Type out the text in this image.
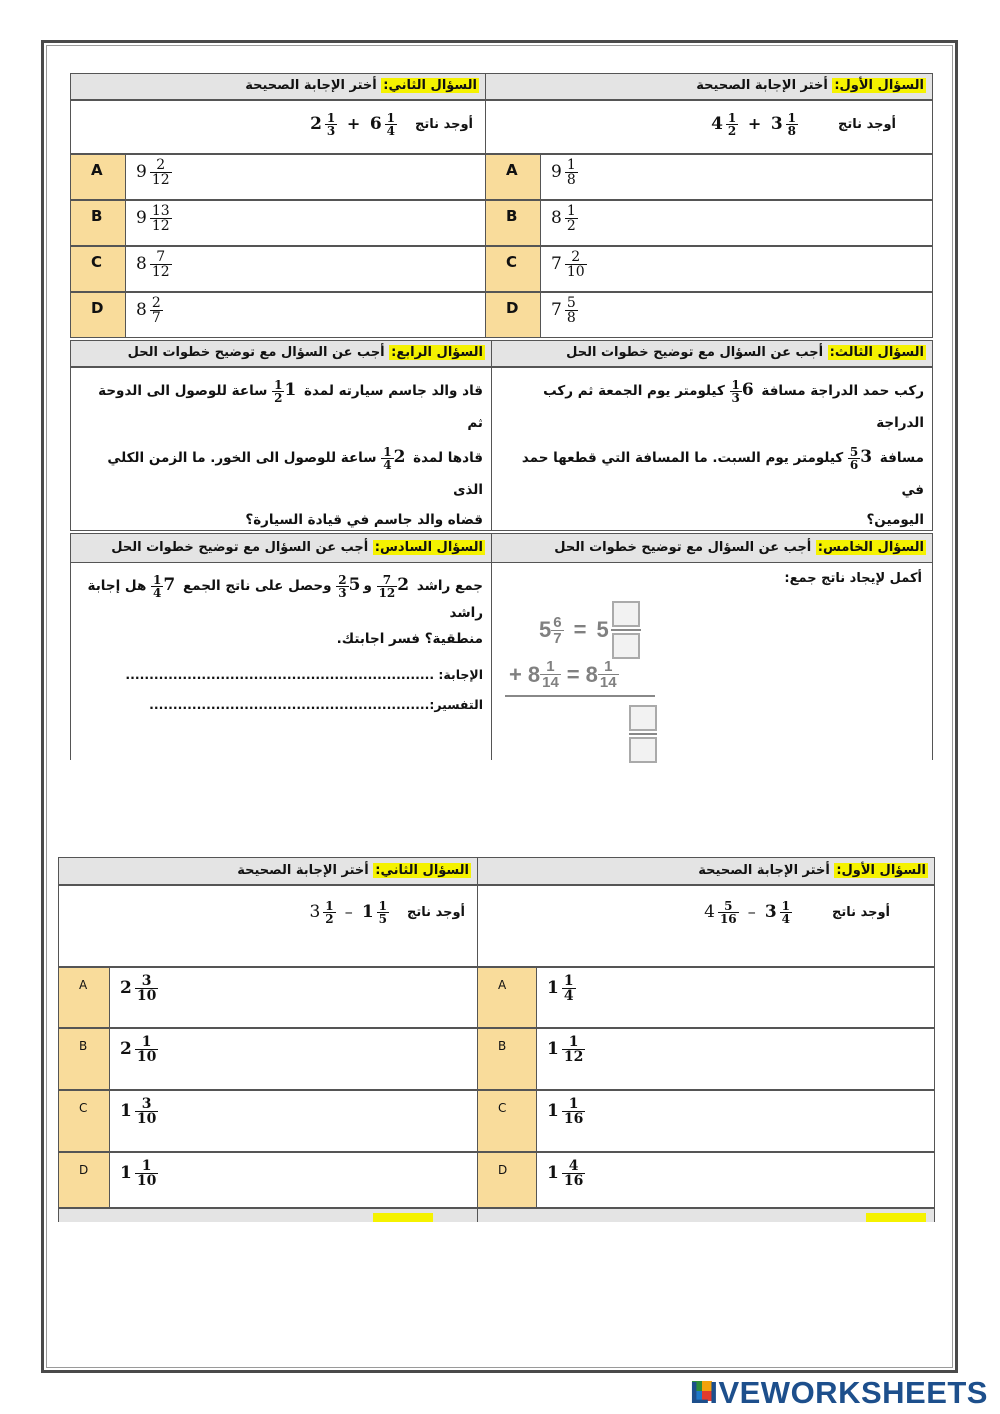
السؤال الثاني: أختر الإجابة الصحيحة	السؤال الأول: أختر الإجابة الصحيحة
$2 \frac{1}{3} + 6 \frac{1}{4}$ أوجد ناتج	$4 \frac{1}{2} + 3 \frac{1}{8}$	أوجد ناتج
A	$9 \frac{2}{12}$
B	$9 \frac{13}{12}$
C	$8 \frac{7}{12}$
D	$8 \frac{2}{7}$
A	$9 \frac{1}{8}$
B	$8 \frac{1}{2}$
C	$7 \frac{2}{10}$
D	$7 \frac{5}{8}$
السؤال الرابع: أجب عن السؤال مع توضيح خطوات الحل	السؤال الثالث: أجب عن السؤال مع توضيح خطوات الحل
قاد والد جاسم سيارته لمدة 1
$\frac{1}{2}$
ساعة للوصول الى الدوحة ثم
قادها لمدة 2
$\frac{1}{4}$
ساعة للوصول الى الخور. ما الزمن الكلي الذى
قضاه والد جاسم في قيادة السيارة؟
ركب حمد الدراجة مسافة 6
$\frac{1}{3}$
كيلومتر يوم الجمعة ثم ركب الدراجة
مسافة 3
$\frac{5}{6}$
كيلومتر يوم السبت. ما المسافة التي قطعها حمد في
اليومين؟
السؤال السادس: أجب عن السؤال مع توضيح خطوات الحل	السؤال الخامس: أجب عن السؤال مع توضيح خطوات الحل
جمع راشد 2
$\frac{7}{12}$
و5
$\frac{2}{3}$
وحصل على ناتج الجمع 7
$\frac{1}{4}$
هل إجابة راشد
منطقية؟ فسر اجابتك.
الإجابة: .................................................................
التفسير:...........................................................
أكمل لإيجاد ناتج جمع:
$5 \frac{6}{7} = 5$
+ $8 \frac{1}{14} = 8 \frac{1}{14}$
السؤال الثاني: أختر الإجابة الصحيحة	السؤال الأول: أختر الإجابة الصحيحة
$3 \frac{1}{2} - 1 \frac{1}{5}$ أوجد ناتج	$4 \frac{5}{16} - 3 \frac{1}{4}$	أوجد ناتج
A	$2 \frac{3}{10}$
B	$2 \frac{1}{10}$
C	$1 \frac{3}{10}$
D	$1 \frac{1}{10}$
A	$1 \frac{1}{4}$
B	$1 \frac{1}{12}$
C	$1 \frac{1}{16}$
D	$1 \frac{4}{16}$
LIVEWORKSHEETS
